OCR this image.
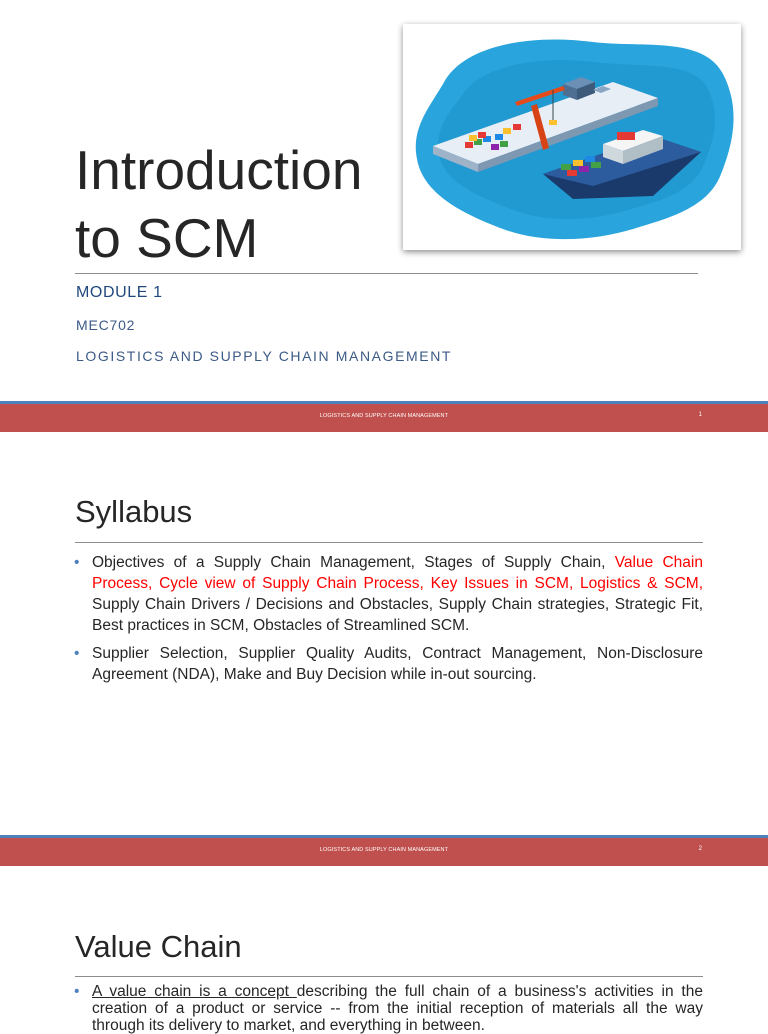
Introduction
to SCM
MODULE 1
MEC702
LOGISTICS AND SUPPLY CHAIN MANAGEMENT
LOGISTICS AND SUPPLY CHAIN MANAGEMENT	1
Syllabus
• Objectives of a Supply Chain Management, Stages of Supply Chain, Value Chain Process, Cycle view of Supply Chain Process, Key Issues in SCM, Logistics & SCM, Supply Chain Drivers / Decisions and Obstacles, Supply Chain strategies, Strategic Fit, Best practices in SCM, Obstacles of Streamlined SCM.
• Supplier Selection, Supplier Quality Audits, Contract Management, Non-Disclosure Agreement (NDA), Make and Buy Decision while in-out sourcing.
LOGISTICS AND SUPPLY CHAIN MANAGEMENT	2
Value Chain
• A value chain is a concept describing the full chain of a business's activities in the creation of a product or service -- from the initial reception of materials all the way through its delivery to market, and everything in between.
